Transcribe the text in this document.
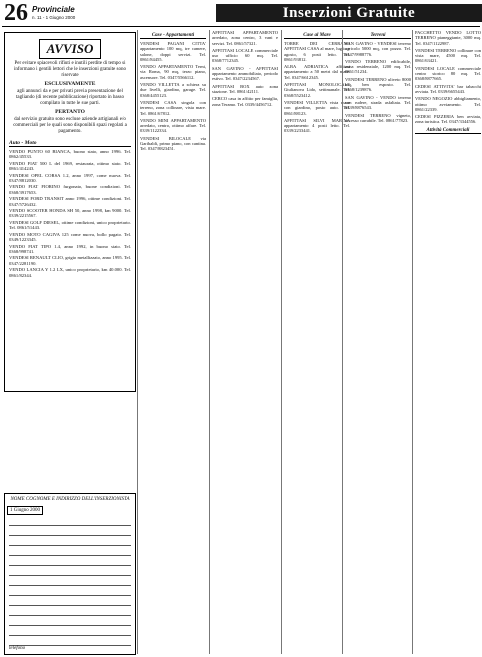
26 Provinciale
n. 11 - 1 Giugno 2000	Inserzioni Gratuite
AVVISO

Per evitare spiacevoli rifiuti e inutili perdite di tempo si informano i gentili lettori che le inserzioni gratuite sono riservate

ESCLUSIVAMENTE

agli annunci da e per privati previa presentazione del tagliando (di recente pubblicazione) riportato in basso compilato in tutte le sue parti.

PERTANTO

dal servizio gratuito sono escluse aziende artigianali e/o commerciali per le quali sono disponibili spazi regolati a pagamento.

Auto - Moto
VENDO PUNTO 60 BIANCA, buono stato, anno 1996. Tel. 0862/45533.
VENDO FIAT 500 L del 1969, restaurata, ottimo stato. Tel. 0861/414243.
VENDESI OPEL CORSA 1.2, anno 1997, come nuova. Tel. 0347/8812030.
VENDO FIAT FIORINO furgonato, buone condizioni. Tel. 0368/3917653.
VENDESI FORD TRANSIT anno 1996, ottime condizioni. Tel. 0347/5726432.
VENDO SCOOTER HONDA SH 50, anno 1998, km 9000. Tel. 0339/2215567.
VENDESI GOLF DIESEL, ottime condizioni, unico proprietario. Tel. 0861/51443.
VENDO MOTO CAGIVA 125 come nuova, bollo pagato. Tel. 0349/1223345.
VENDO FIAT TIPO 1.4, anno 1992, in buono stato. Tel. 0368/998741.
VENDESI RENAULT CLIO, grigio metallizzato, anno 1995. Tel. 0347/2281190.
VENDO LANCIA Y 1.2 LX, unico proprietario, km 40.000. Tel. 0861/82344.
NOME COGNOME E INDIRIZZO DELL'INSERZIONISTA
1 Giugno 2000
telefono
Case - Appartamenti
VENDESI PAGANI CITTA' appartamento 100 mq, tre camere, salone, doppi servizi. Tel. 0861/84455.
VENDO APPARTAMENTO Terni, via Roma, 90 mq, terzo piano, ascensore. Tel. 0347/5566112.
VENDO VILLETTA a schiera su due livelli, giardino, garage. Tel. 0368/4455123.
VENDESI CASA singola con terreno, zona collinare, vista mare. Tel. 0861/67812.
VENDO MINI APPARTAMENTO arredato, centro, ottimo affare. Tel. 0339/1122334.
VENDESI BILOCALE via Garibaldi, primo piano, con cantina. Tel. 0347/8823451.
AFFITTASI APPARTAMENTO arredato, zona centro, 3 vani e servizi. Tel. 0861/57321.
AFFITTASI LOCALE commerciale uso ufficio 60 mq. Tel. 0368/7712345.
SAN GAVINO - AFFITTASI appartamento ammobiliato, periodo estivo. Tel. 0347/2234567.
AFFITTASI BOX auto zona stazione. Tel. 0861/42111.
CERCO casa in affitto per famiglia, zona Teramo. Tel. 0339/4456712.
Case al Mare
TORRE DEI CERRANO AFFITTASI CASA al mare, luglio e agosto, 6 posti letto. Tel. 0861/93812.
ALBA ADRIATICA affittasi appartamento a 50 metri dal mare. Tel. 0347/6612345.
AFFITTASI MONOLOCALE Giulianova Lido, settimanale. Tel. 0368/5523412.
VENDESI VILLETTA vista mare con giardino, posto auto. Tel. 0861/88123.
AFFITTASI SILVI MARINA appartamento 4 posti letto. Tel. 0339/2233441.
Terreni
SAN GAVINO - VENDESI terreno agricolo 5000 mq, con pozzo. Tel. 0347/9988776.
VENDO TERRENO edificabile, zona residenziale, 1200 mq. Tel. 0861/51234.
VENDESI TERRENO uliveto 8000 mq, ben esposto. Tel. 0368/1239876.
SAN GAVINO - VENDO terreno con rudere, strada asfaltata. Tel. 0339/8876543.
VENDESI TERRENO vigneto, accesso carrabile. Tel. 0861/77823.
PACCHETTO VENDO LOTTO TERRENO pianeggiante, 3000 mq. Tel. 0347/1122987.
VENDESI TERRENO collinare con vista mare, 4500 mq. Tel. 0861/63421.
VENDESI LOCALE commerciale centro storico 80 mq. Tel. 0368/8877665.
CEDESI ATTIVITA' bar tabacchi avviata. Tel. 0339/6655443.
VENDO NEGOZIO abbigliamento, ottimo avviamento. Tel. 0861/22339.
CEDESI PIZZERIA ben avviata, zona turistica. Tel. 0347/3344556.
Attività Commerciali
